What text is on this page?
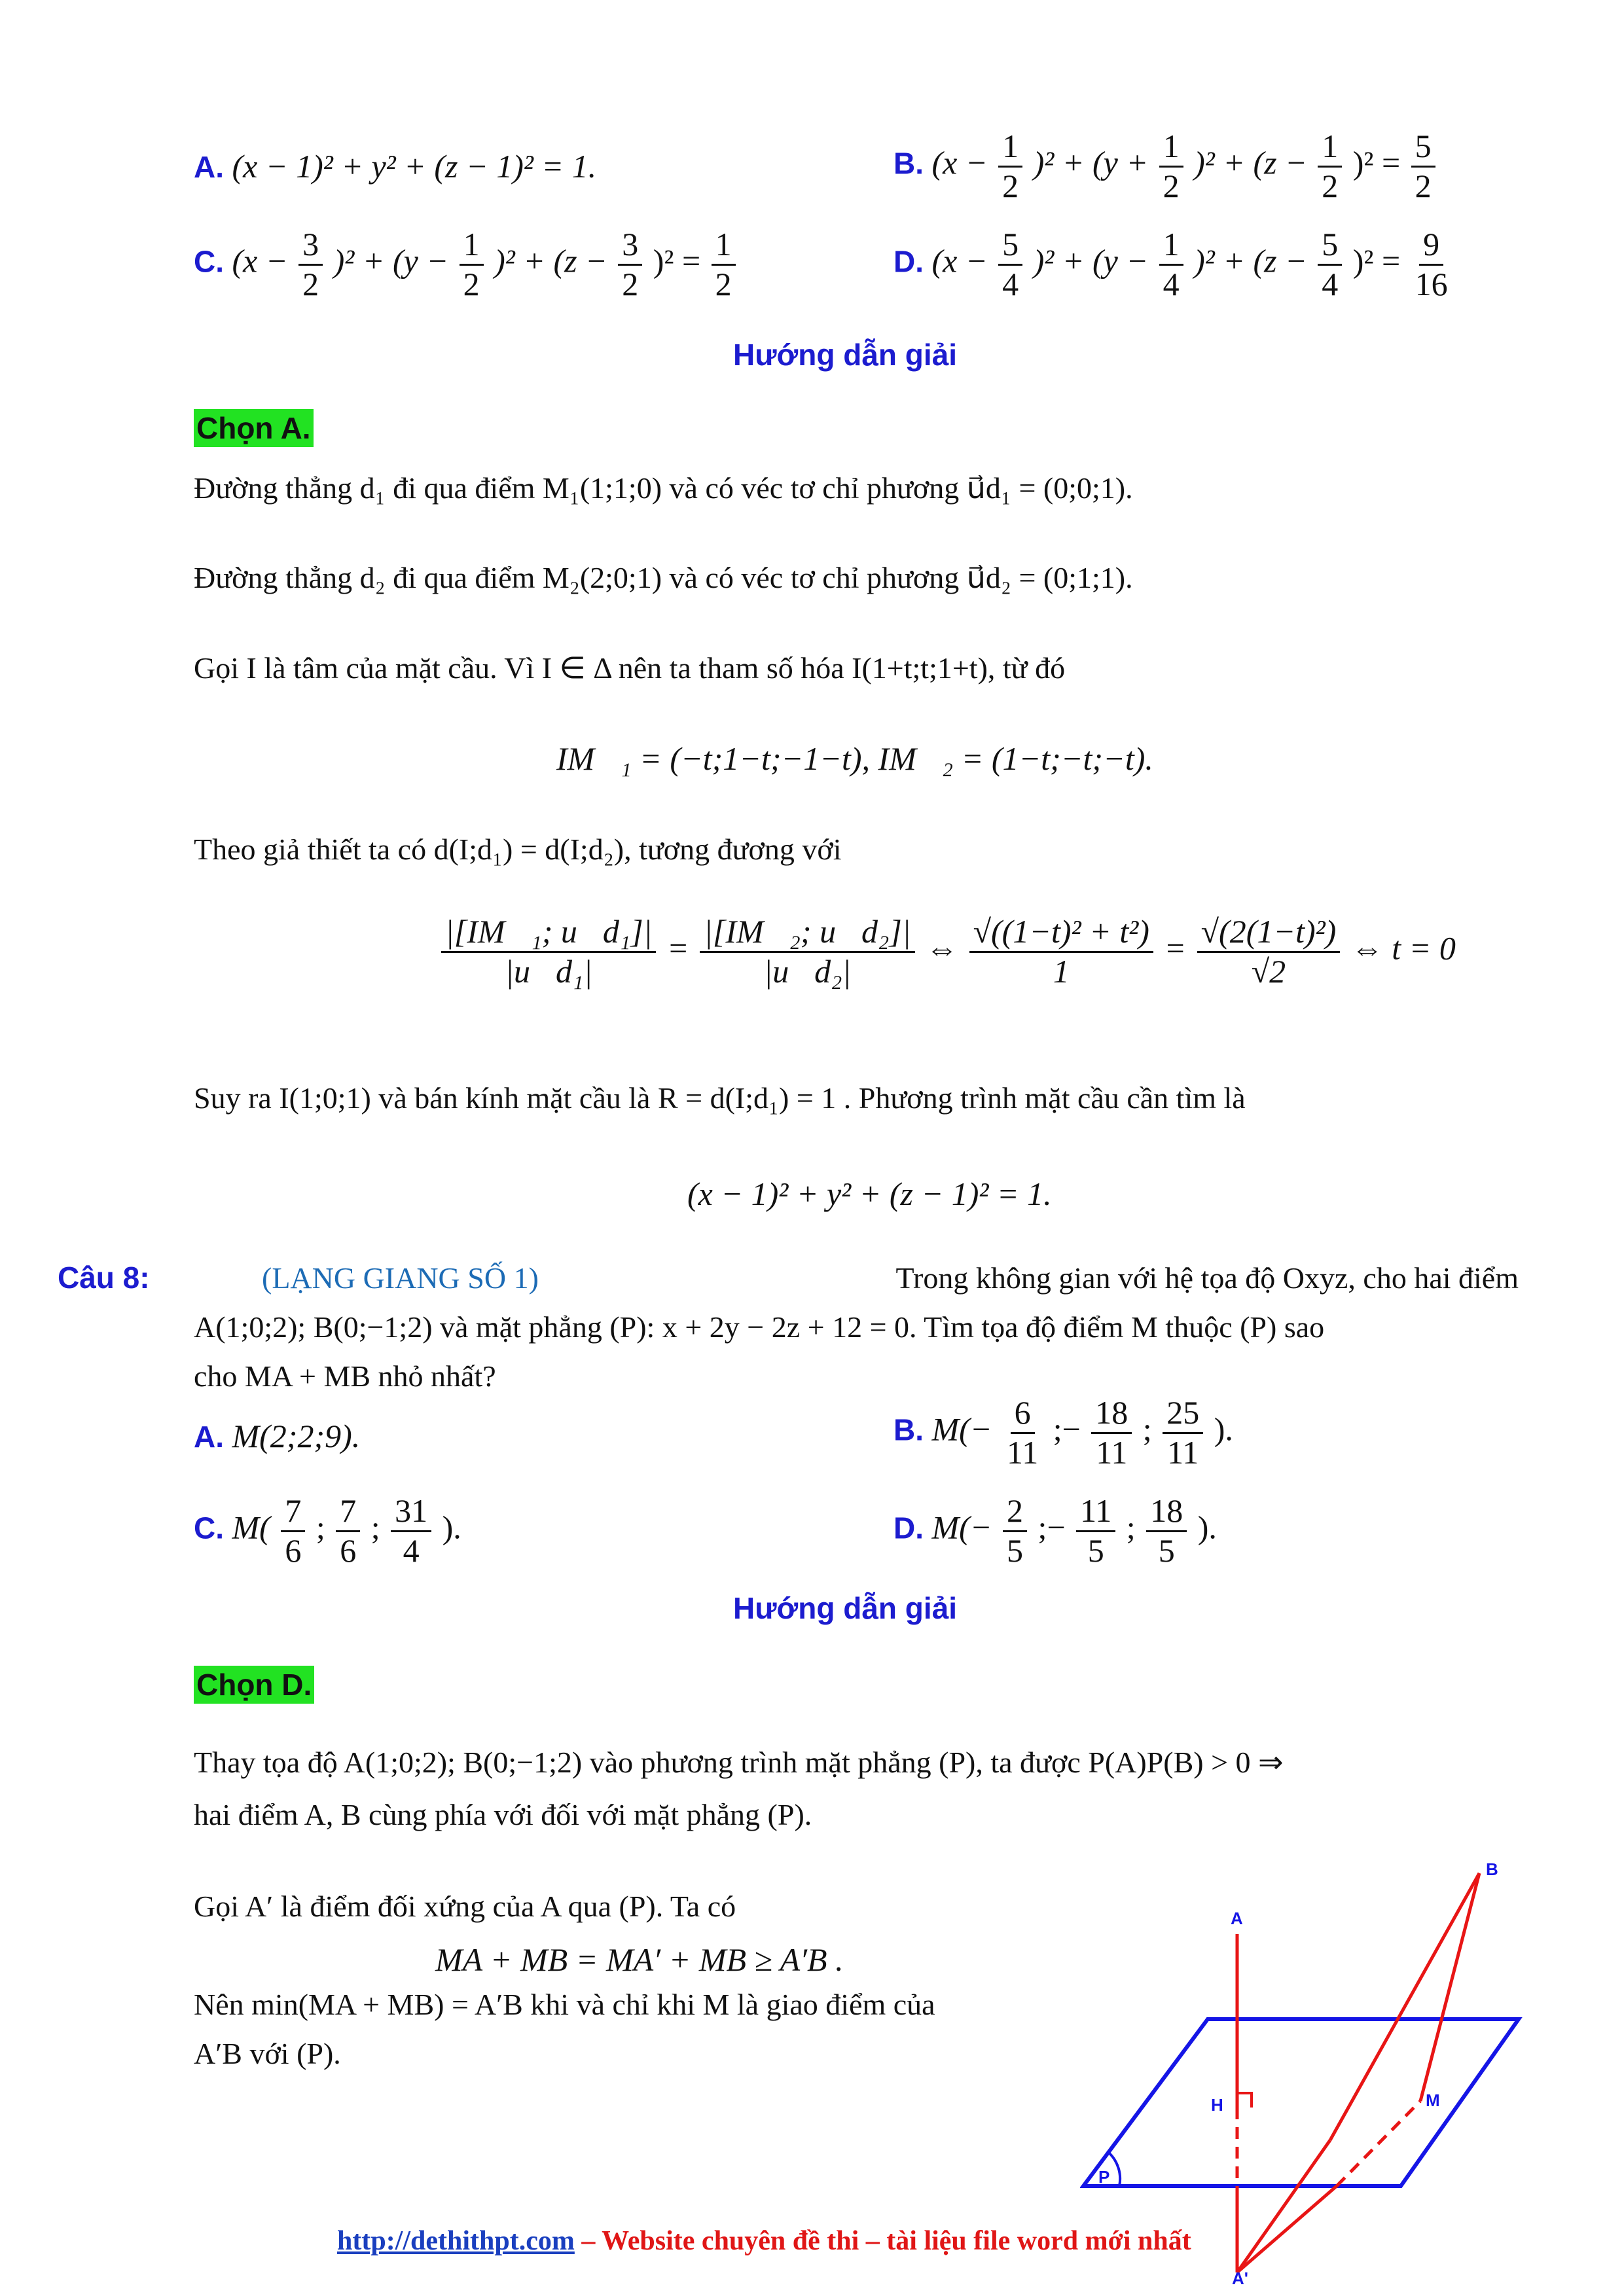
A. (x − 1)² + y² + (z − 1)² = 1.	B. $(x - \frac{1}{2} )^2 + (y + \frac{1}{2} )^2 + (z - \frac{1}{2} )^2 = \frac{5}{2}$
C. $(x - \frac{3}{2} )^2 + (y - \frac{1}{2} )^2 + (z - \frac{3}{2} )^2 = \frac{1}{2}$	D. $(x - \frac{5}{4} )^2 + (y - \frac{1}{4} )^2 + (z - \frac{5}{4} )^2 = \frac{9}{16}$
Hướng dẫn giải
Chọn A.
Đường thẳng d₁ đi qua điểm M₁(1;1;0) và có véc tơ chỉ phương u⃗d₁ = (0;0;1).
Đường thẳng d₂ đi qua điểm M₂(2;0;1) và có véc tơ chỉ phương u⃗d₂ = (0;1;1).
Gọi I là tâm của mặt cầu. Vì I ∈ Δ nên ta tham số hóa I(1+t;t;1+t), từ đó
IM⃗₁ = (−t;1−t;−1−t), IM⃗₂ = (1−t;−t;−t).
Theo giả thiết ta có d(I;d₁) = d(I;d₂), tương đương với
$\frac{\text{|[IM⃗₁; u⃗d₁]|}}{\text{|u⃗d₁|}} = \frac{\text{|[IM⃗₂; u⃗d₂]|}}{\text{|u⃗d₂|}}$ ⇔ $\frac{\text{√((1−t)² + t²)}}{1} = \frac{\text{√(2(1−t)²)}}{√2}$ ⇔ t = 0
Suy ra I(1;0;1) và bán kính mặt cầu là R = d(I;d₁) = 1 . Phương trình mặt cầu cần tìm là
(x − 1)² + y² + (z − 1)² = 1.
Câu 8:	(LẠNG GIANG SỐ 1)	Trong không gian với hệ tọa độ Oxyz, cho hai điểm
A(1;0;2); B(0;−1;2) và mặt phẳng (P): x + 2y − 2z + 12 = 0. Tìm tọa độ điểm M thuộc (P) sao
cho MA + MB nhỏ nhất?
A. M(2;2;9).	B. $M(- \frac{6}{11}$ ;− $\frac{18}{11}$ ; $\frac{25}{11}$ ).
C. $M( \frac{7}{6}$ ; $\frac{7}{6}$ ; $\frac{31}{4}$ ).	D. $M(- \frac{2}{5}$ ;− $\frac{11}{5}$ ; $\frac{18}{5}$ ).
Hướng dẫn giải
Chọn D.
Thay tọa độ A(1;0;2); B(0;−1;2) vào phương trình mặt phẳng (P), ta được P(A)P(B) > 0 ⇒
hai điểm A, B cùng phía với đối với mặt phẳng (P).
Gọi A′ là điểm đối xứng của A qua (P). Ta có
MA + MB = MA′ + MB ≥ A′B .
Nên min(MA + MB) = A′B khi và chỉ khi M là giao điểm của
A′B với (P).
A
B
H	M
P
A'
http://dethithpt.com – Website chuyên đề thi – tài liệu file word mới nhất
